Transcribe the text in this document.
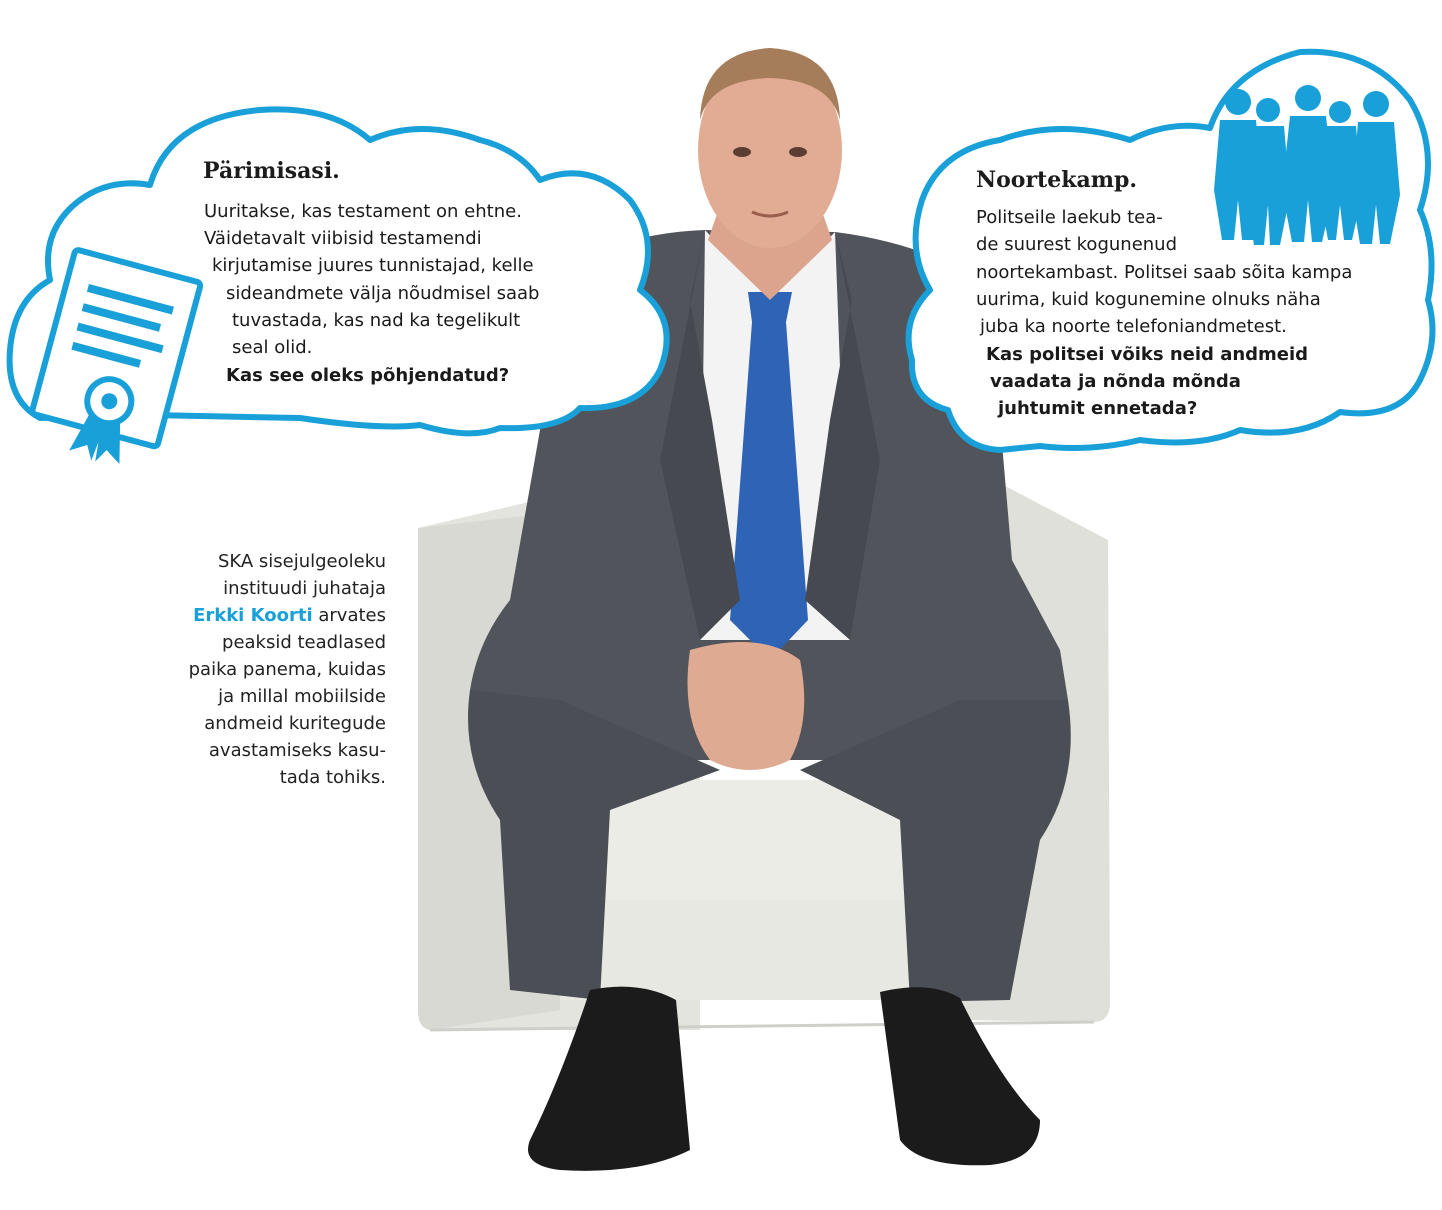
Pärimisasi.
Uuritakse, kas testament on ehtne.
Väidetavalt viibisid testamendi
kirjutamise juures tunnistajad, kelle
sideandmete välja nõudmisel saab
tuvastada, kas nad ka tegelikult
seal olid.
Kas see oleks põhjendatud?
Noortekamp.
Politseile laekub tea-
de suurest kogunenud
noortekambast. Politsei saab sõita kampa
uurima, kuid kogunemine olnuks näha
juba ka noorte telefoniandmetest.
Kas politsei võiks neid andmeid
vaadata ja nõnda mõnda
juhtumit ennetada?
SKA sisejulgeoleku
instituudi juhataja
Erkki Koorti arvates
peaksid teadlased
paika panema, kuidas
ja millal mobiilside
andmeid kuritegude
avastamiseks kasu-
tada tohiks.
